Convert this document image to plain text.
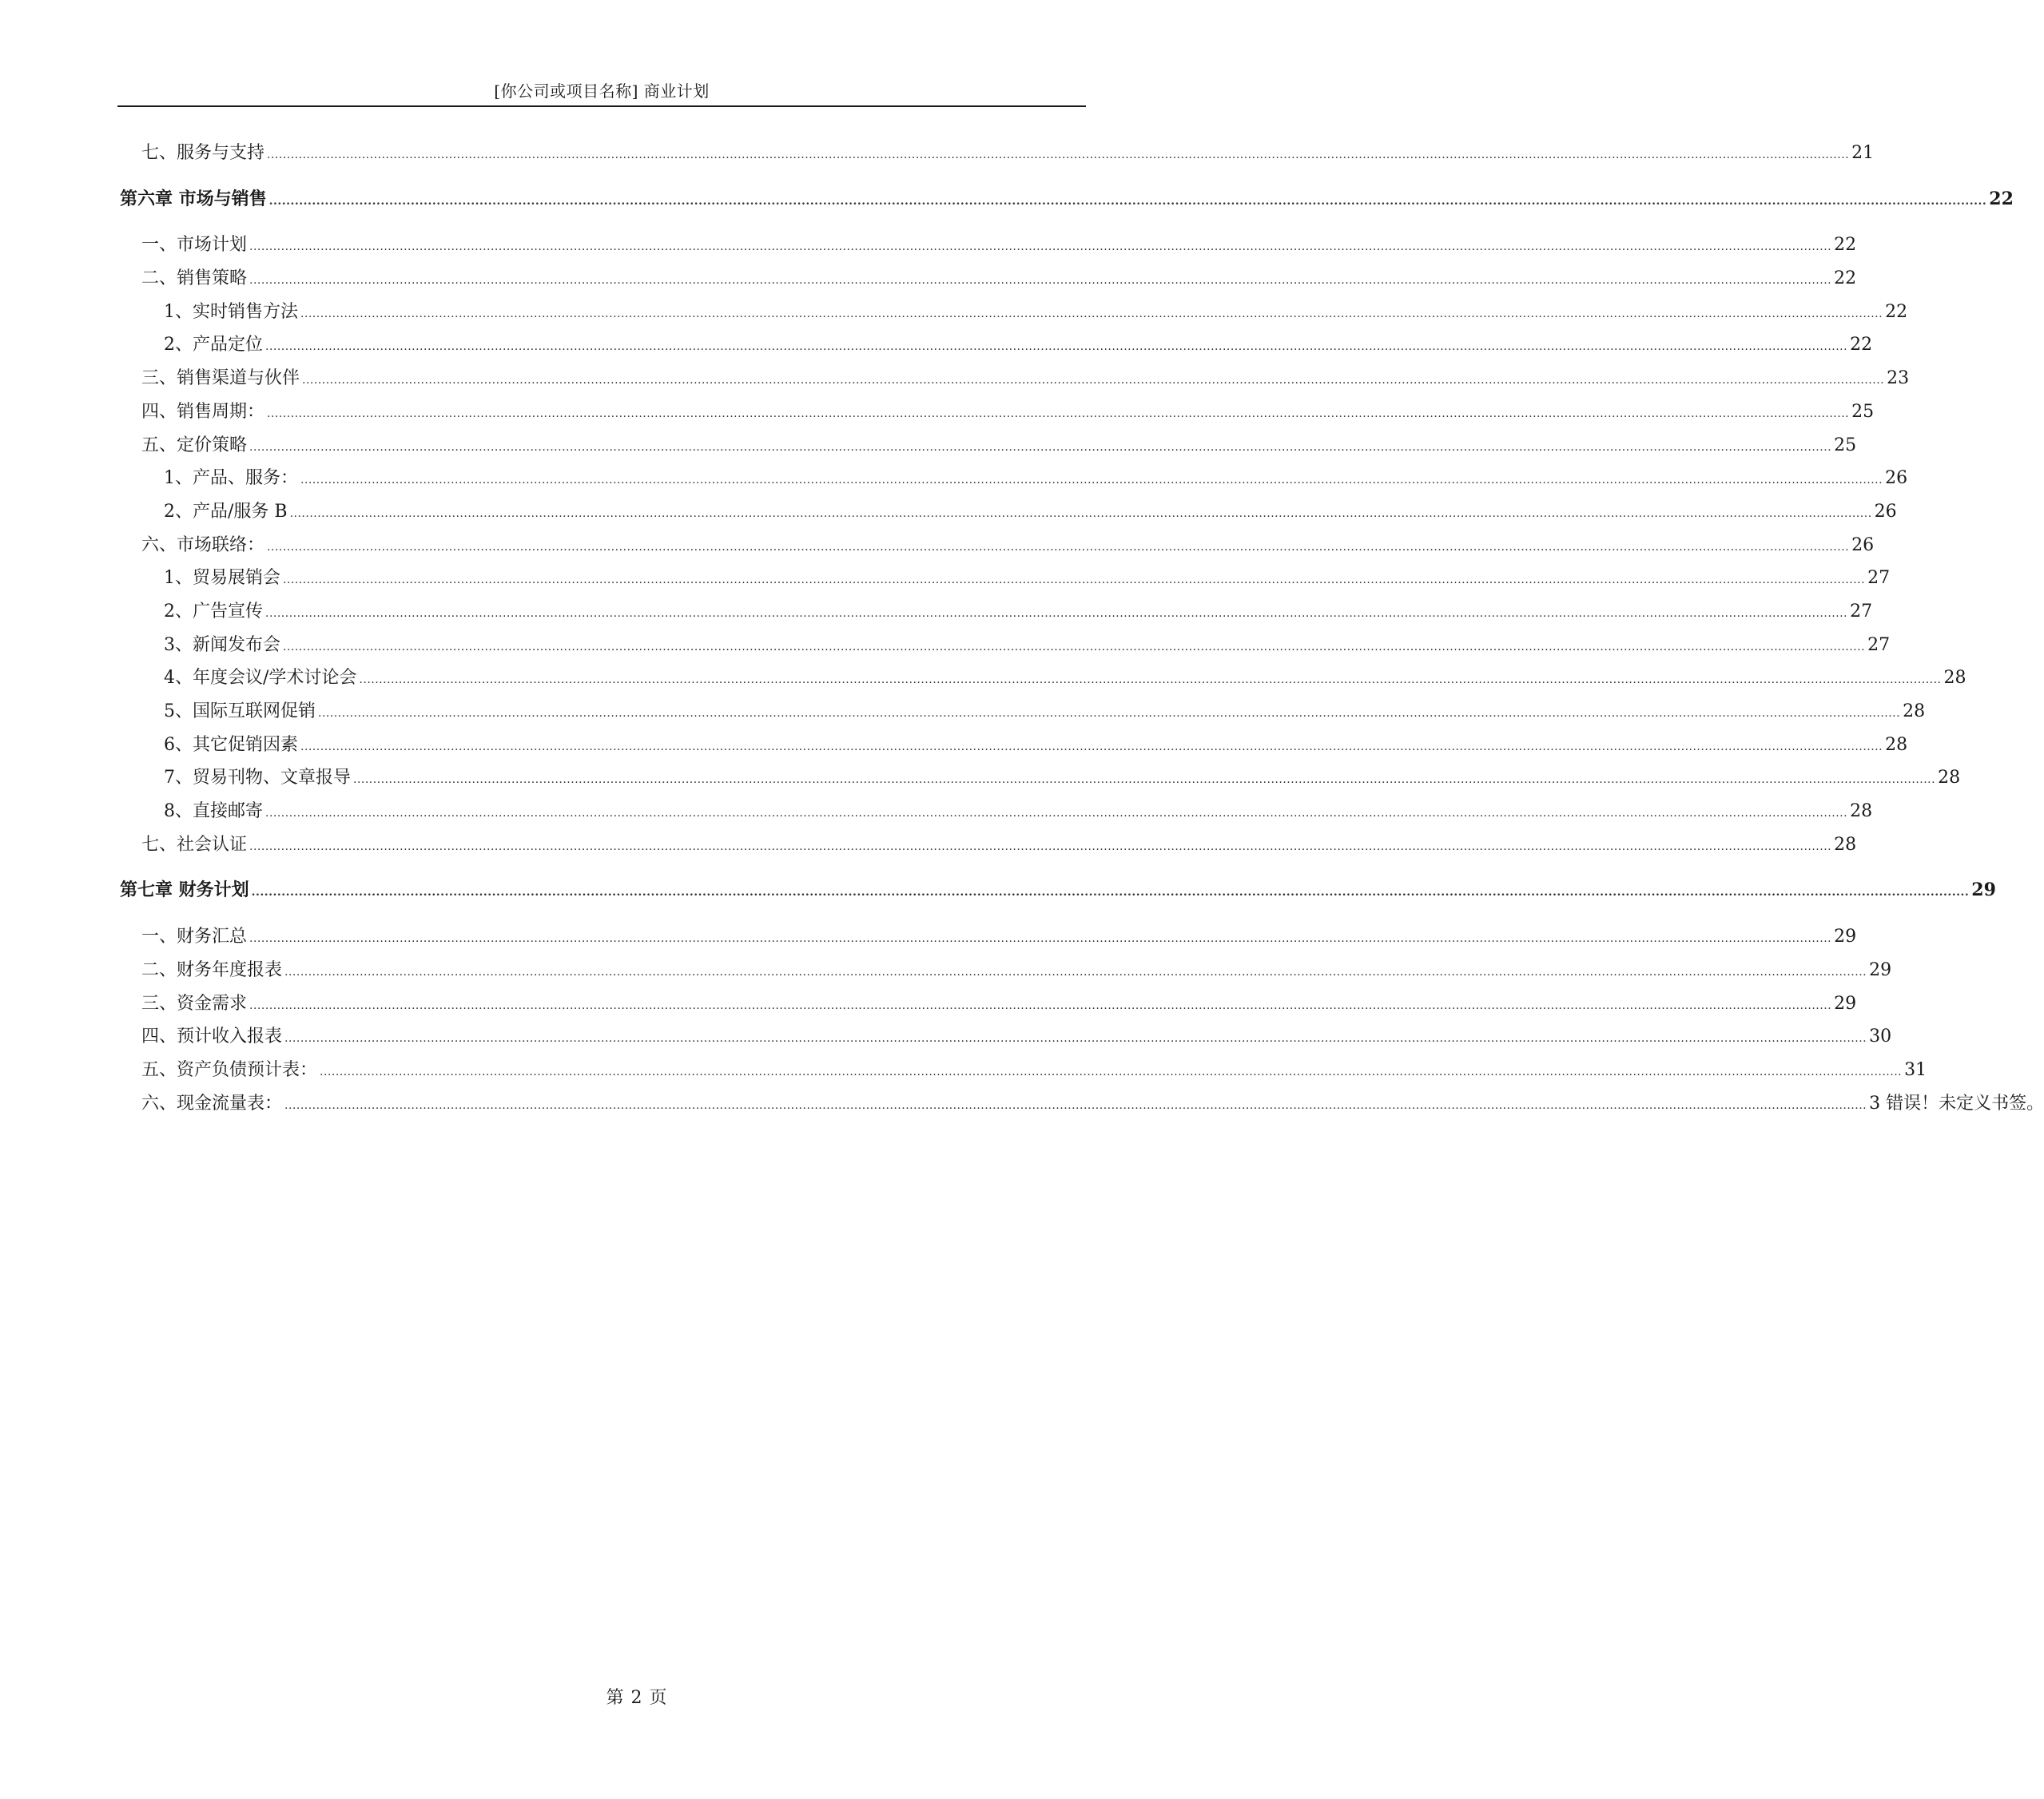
[你公司或项目名称] 商业计划
七、服务与支持 ................................................................................................................................................................................................................................................................................................................................................................................................................ 21
第六章 市场与销售 ................................................................................................................................................................................................................................................................................................................................................................................................................ 22
一、市场计划 ................................................................................................................................................................................................................................................................................................................................................................................................................ 22
二、销售策略 ................................................................................................................................................................................................................................................................................................................................................................................................................ 22
1、实时销售方法 ................................................................................................................................................................................................................................................................................................................................................................................................................ 22
2、产品定位 ................................................................................................................................................................................................................................................................................................................................................................................................................ 22
三、销售渠道与伙伴 ................................................................................................................................................................................................................................................................................................................................................................................................................ 23
四、销售周期： ................................................................................................................................................................................................................................................................................................................................................................................................................ 25
五、定价策略 ................................................................................................................................................................................................................................................................................................................................................................................................................ 25
1、产品、服务： ................................................................................................................................................................................................................................................................................................................................................................................................................ 26
2、产品/服务 B ................................................................................................................................................................................................................................................................................................................................................................................................................ 26
六、市场联络： ................................................................................................................................................................................................................................................................................................................................................................................................................ 26
1、贸易展销会 ................................................................................................................................................................................................................................................................................................................................................................................................................ 27
2、广告宣传 ................................................................................................................................................................................................................................................................................................................................................................................................................ 27
3、新闻发布会 ................................................................................................................................................................................................................................................................................................................................................................................................................ 27
4、年度会议/学术讨论会 ................................................................................................................................................................................................................................................................................................................................................................................................................ 28
5、国际互联网促销 ................................................................................................................................................................................................................................................................................................................................................................................................................ 28
6、其它促销因素 ................................................................................................................................................................................................................................................................................................................................................................................................................ 28
7、贸易刊物、文章报导 ................................................................................................................................................................................................................................................................................................................................................................................................................ 28
8、直接邮寄 ................................................................................................................................................................................................................................................................................................................................................................................................................ 28
七、社会认证 ................................................................................................................................................................................................................................................................................................................................................................................................................ 28
第七章 财务计划 ................................................................................................................................................................................................................................................................................................................................................................................................................ 29
一、财务汇总 ................................................................................................................................................................................................................................................................................................................................................................................................................ 29
二、财务年度报表 ................................................................................................................................................................................................................................................................................................................................................................................................................ 29
三、资金需求 ................................................................................................................................................................................................................................................................................................................................................................................................................ 29
四、预计收入报表 ................................................................................................................................................................................................................................................................................................................................................................................................................ 30
五、资产负债预计表： ................................................................................................................................................................................................................................................................................................................................................................................................................ 31
六、现金流量表： ................................................................................................................................................................................................................................................................................................................................................................................................................ 3 错误！未定义书签。
第 2 页
